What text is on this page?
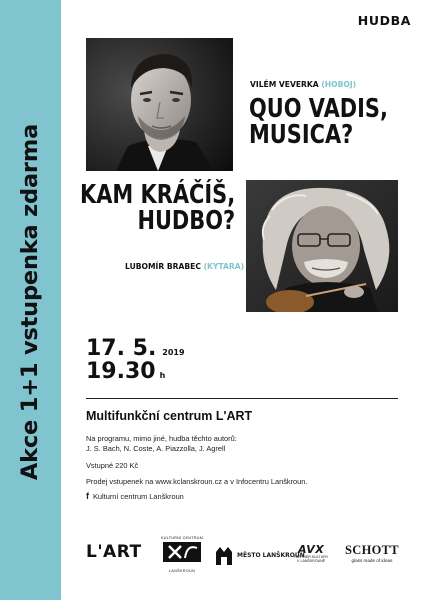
Akce 1+1 vstupenka zdarma
HUDBA
VILÉM VEVERKA (HOBOJ)
QUO VADIS,
MUSICA?
KAM KRÁČÍŠ,
HUDBO?
LUBOMÍR BRABEC (KYTARA)
17. 5. 2019
19.30 h
Multifunkční centrum L'ART
Na programu, mimo jiné, hudba těchto autorů:
J. S. Bach, N. Coste, A. Piazzolla, J. Agrell
Vstupné 220 Kč
Prodej vstupenek na www.kclanskroun.cz a v Infocentru Lanškroun.
f Kulturní centrum Lanškroun
L'ART
KULTURNÍ CENTRUM
LANŠKROUN
MĚSTO LANŠKROUN
AVX
PARTNER KULTURY
V LANŠKROUNĚ
SCHOTT
glass made of ideas
